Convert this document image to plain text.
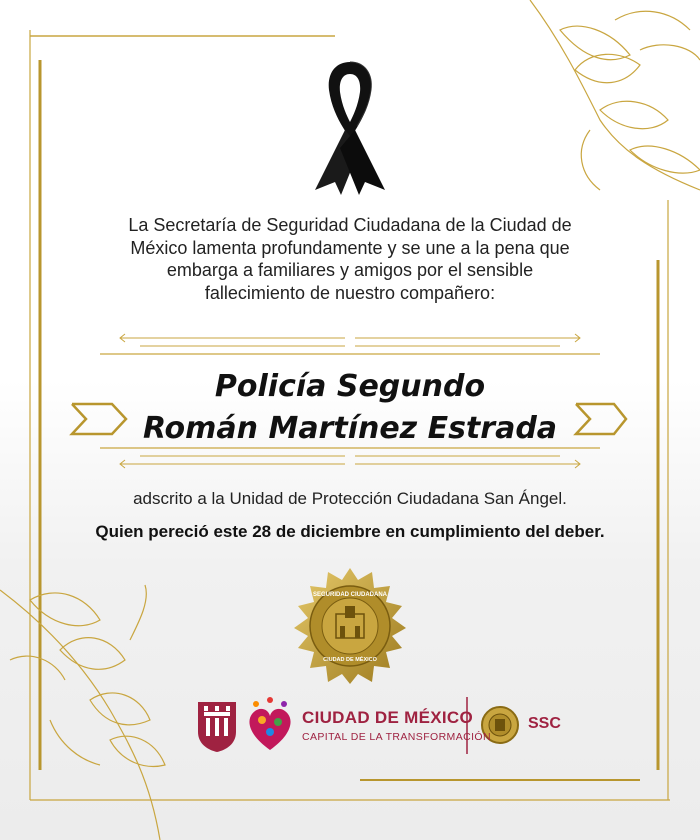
La Secretaría de Seguridad Ciudadana de la Ciudad de
México lamenta profundamente y se une a la pena que
embarga a familiares y amigos por el sensible
fallecimiento de nuestro compañero:
Policía Segundo
Román Martínez Estrada
adscrito a la Unidad de Protección Ciudadana San Ángel.
Quien pereció este 28 de diciembre en cumplimiento del deber.
SEGURIDAD CIUDADANA
CIUDAD DE MÉXICO
CIUDAD DE MÉXICO
CAPITAL DE LA TRANSFORMACIÓN
SSC
